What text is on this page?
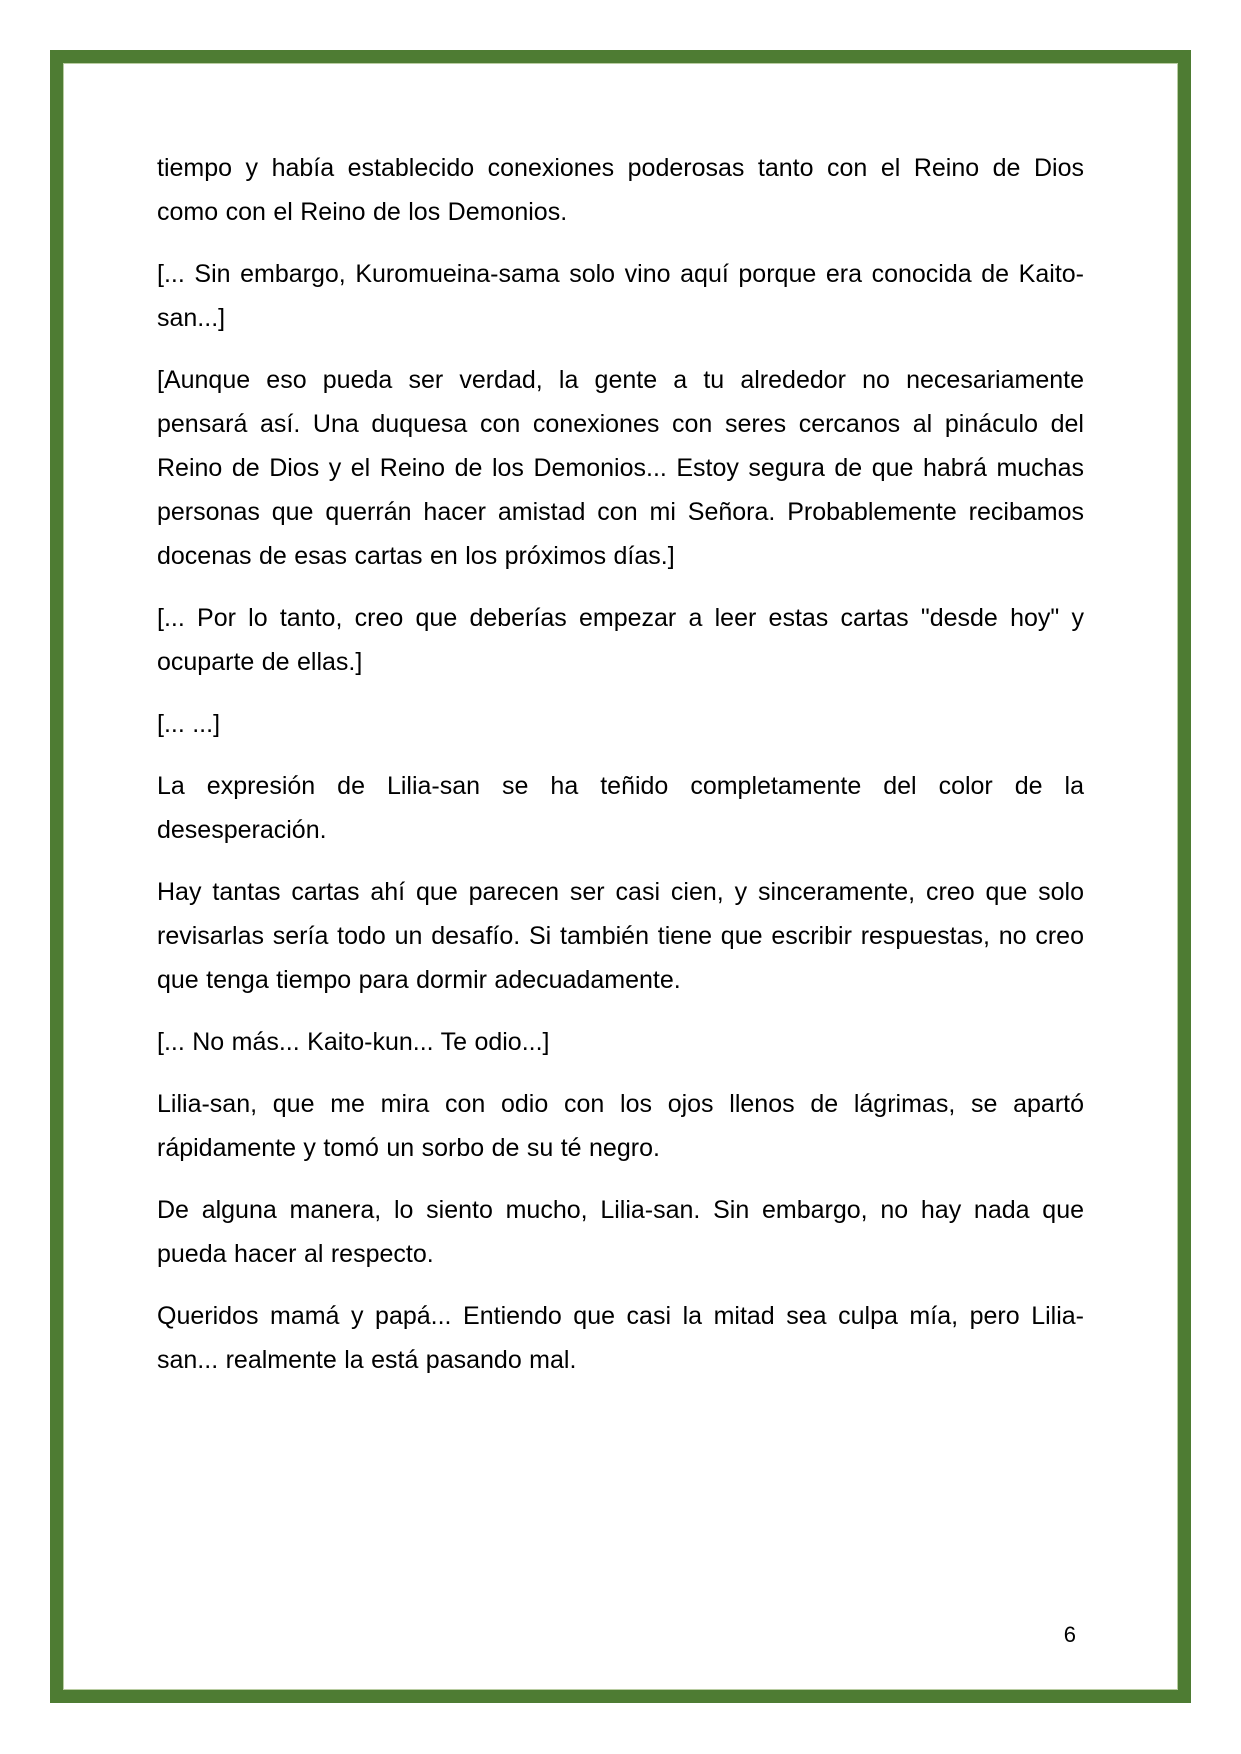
tiempo y había establecido conexiones poderosas tanto con el Reino de Dios como con el Reino de los Demonios.

[... Sin embargo, Kuromueina-sama solo vino aquí porque era conocida de Kaito-san...]

[Aunque eso pueda ser verdad, la gente a tu alrededor no necesariamente pensará así. Una duquesa con conexiones con seres cercanos al pináculo del Reino de Dios y el Reino de los Demonios... Estoy segura de que habrá muchas personas que querrán hacer amistad con mi Señora. Probablemente recibamos docenas de esas cartas en los próximos días.]

[... Por lo tanto, creo que deberías empezar a leer estas cartas "desde hoy" y ocuparte de ellas.]

[... ...]

La expresión de Lilia-san se ha teñido completamente del color de la desesperación.

Hay tantas cartas ahí que parecen ser casi cien, y sinceramente, creo que solo revisarlas sería todo un desafío. Si también tiene que escribir respuestas, no creo que tenga tiempo para dormir adecuadamente.

[... No más... Kaito-kun... Te odio...]

Lilia-san, que me mira con odio con los ojos llenos de lágrimas, se apartó rápidamente y tomó un sorbo de su té negro.

De alguna manera, lo siento mucho, Lilia-san. Sin embargo, no hay nada que pueda hacer al respecto.

Queridos mamá y papá... Entiendo que casi la mitad sea culpa mía, pero Lilia-san... realmente la está pasando mal.

6
